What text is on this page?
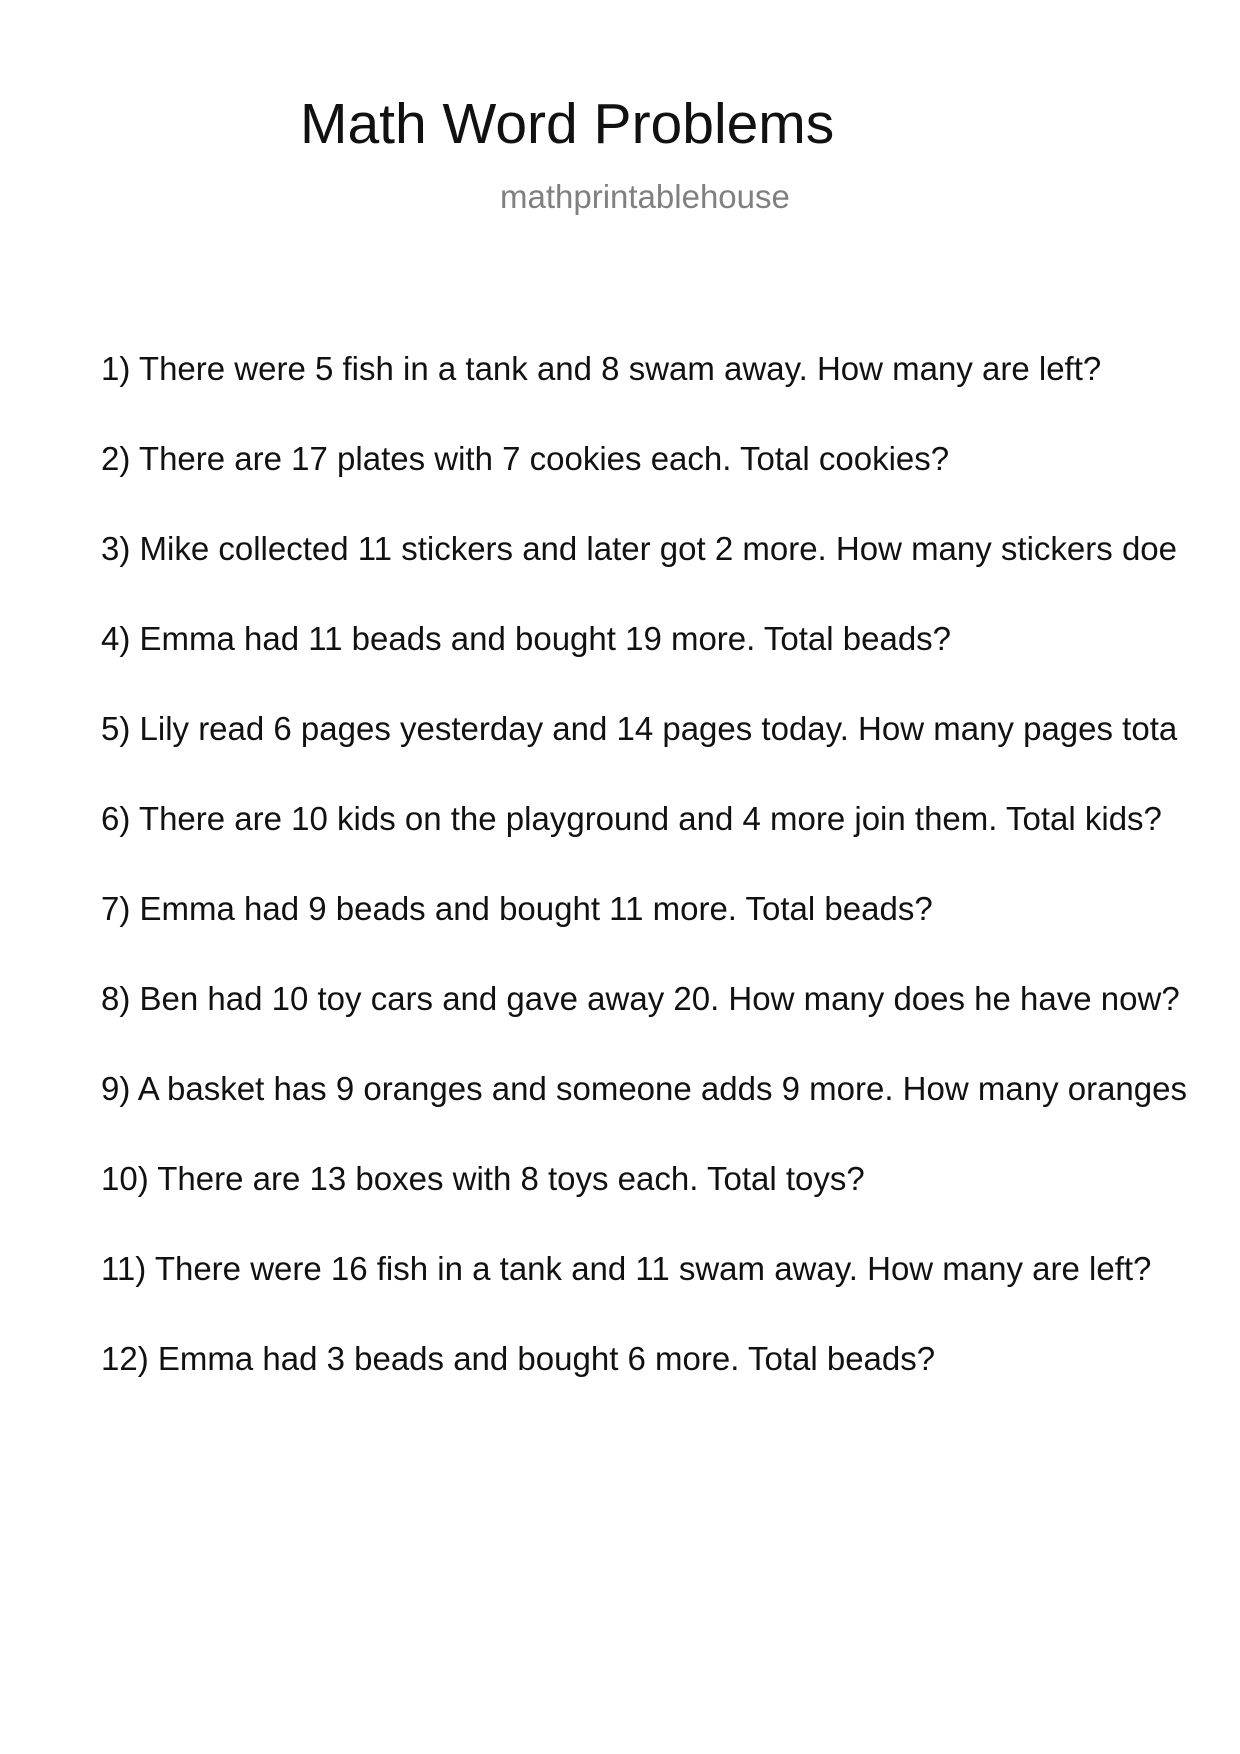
Math Word Problems
mathprintablehouse
1) There were 5 fish in a tank and 8 swam away. How many are left?
2) There are 17 plates with 7 cookies each. Total cookies?
3) Mike collected 11 stickers and later got 2 more. How many stickers doe
4) Emma had 11 beads and bought 19 more. Total beads?
5) Lily read 6 pages yesterday and 14 pages today. How many pages tota
6) There are 10 kids on the playground and 4 more join them. Total kids?
7) Emma had 9 beads and bought 11 more. Total beads?
8) Ben had 10 toy cars and gave away 20. How many does he have now?
9) A basket has 9 oranges and someone adds 9 more. How many oranges
10) There are 13 boxes with 8 toys each. Total toys?
11) There were 16 fish in a tank and 11 swam away. How many are left?
12) Emma had 3 beads and bought 6 more. Total beads?
